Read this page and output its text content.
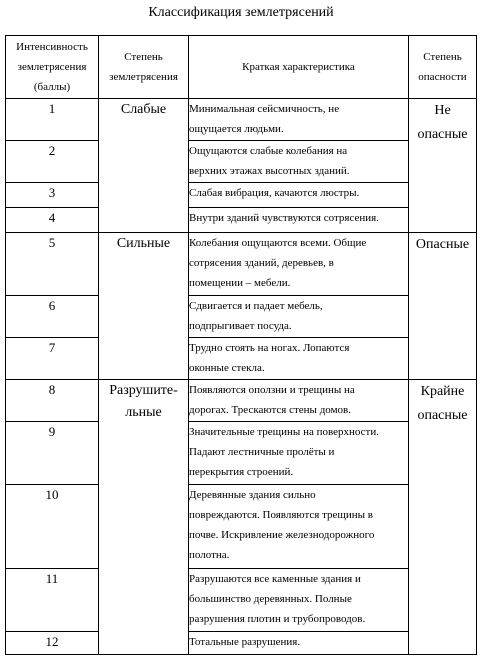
Классификация землетрясений
Интенсивность
землетрясения
(баллы)	Степень
землетрясения	Краткая характеристика	Степень
опасности

1	Слабые	Минимальная сейсмичность, не
ощущается людьми.	Не
опасные

2		Ощущаются слабые колебания на
верхних этажах высотных зданий.	

3		Слабая вибрация, качаются люстры.	

4		Внутри зданий чувствуются сотрясения.	

5	Сильные	Колебания ощущаются всеми. Общие
сотрясения зданий, деревьев, в
помещении – мебели.	Опасные

6		Сдвигается и падает мебель,
подпрыгивает посуда.	

7		Трудно стоять на ногах. Лопаются
оконные стекла.	

8	Разрушите-
льные	Появляются оползни и трещины на
дорогах. Трескаются стены домов.	Крайне
опасные

9		Значительные трещины на поверхности.
Падают лестничные пролёты и
перекрытия строений.	

10		Деревянные здания сильно
повреждаются. Появляются трещины в
почве. Искривление железнодорожного
полотна.	

11		Разрушаются все каменные здания и
большинство деревянных. Полные
разрушения плотин и трубопроводов.	

12		Тотальные разрушения.	
